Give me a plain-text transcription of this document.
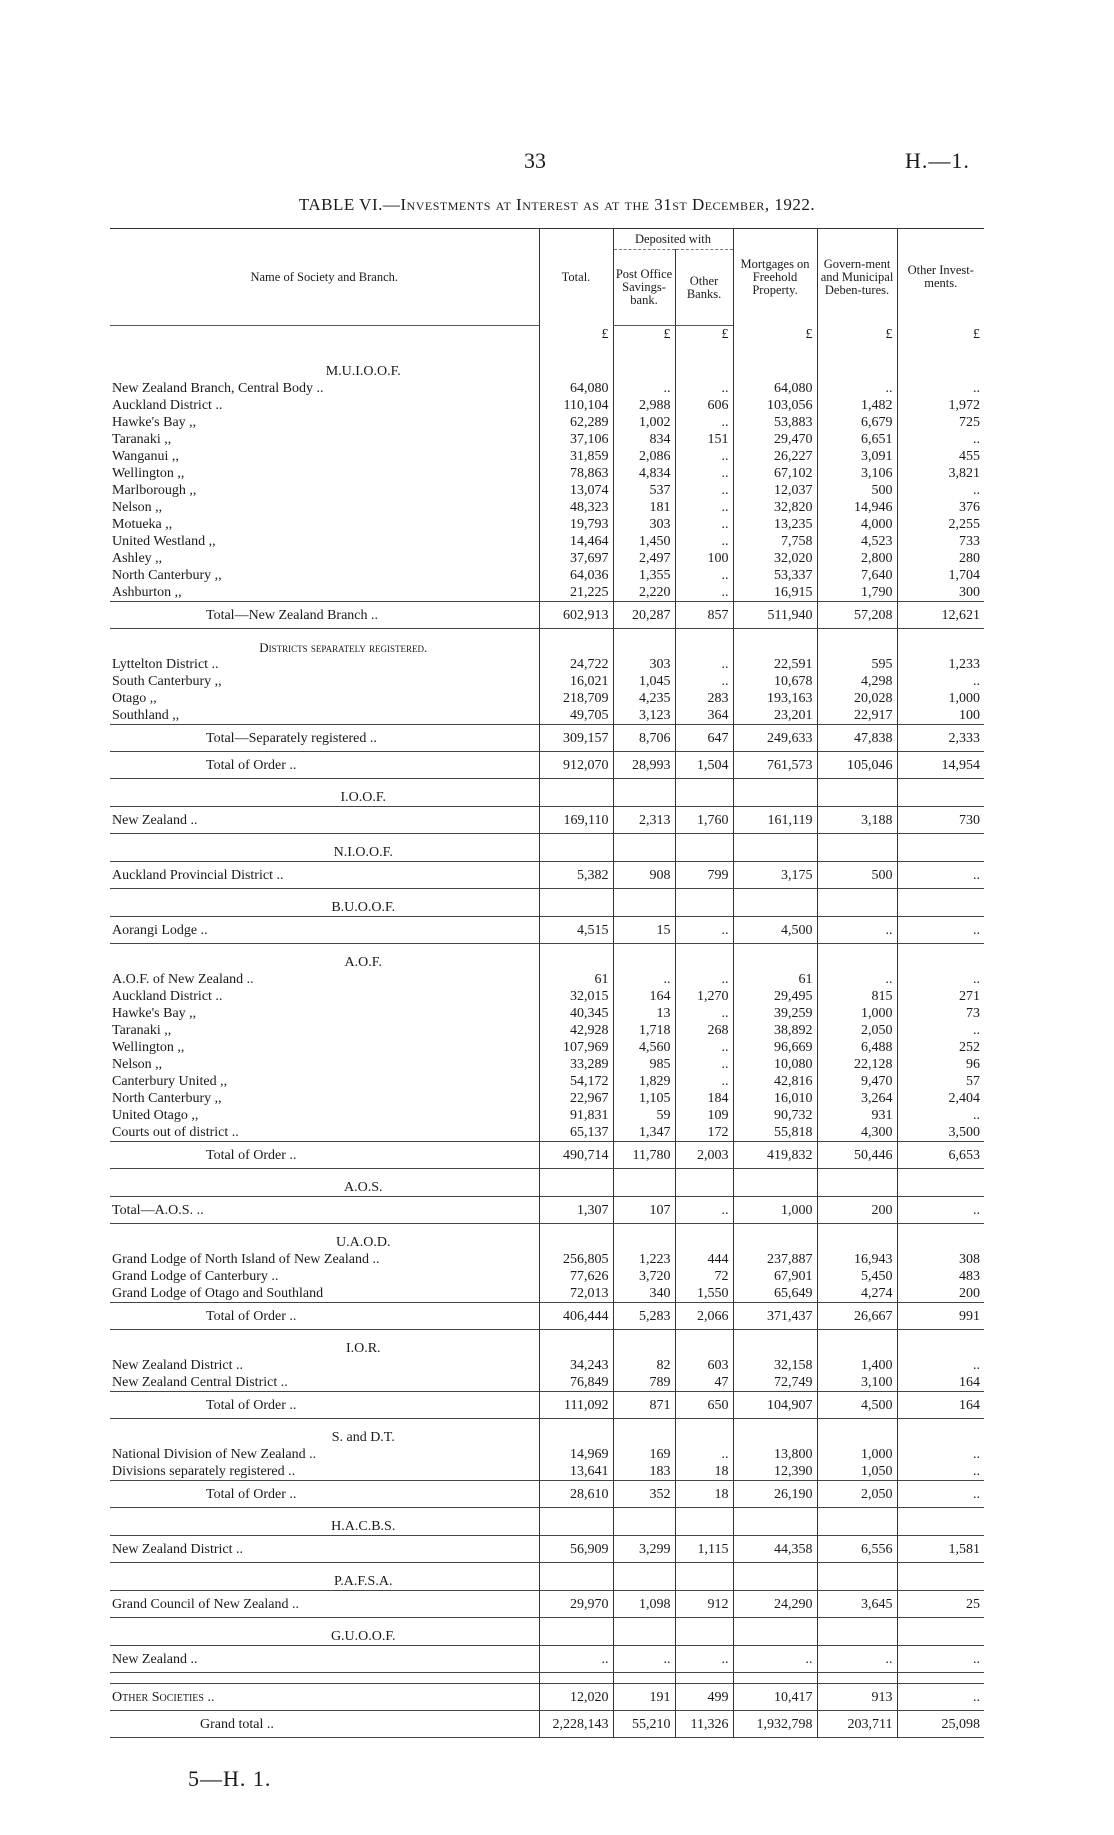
33	H.—1.
TABLE VI.—Investments at Interest as at the 31st December, 1922.
Name of Society and Branch.	Total.	Deposited with		Mortgages on Freehold Property.	Govern-ment and Municipal Deben-tures.	Other Invest-ments.
		Post Office Savings-bank.	Other Banks.			
	£	£	£	£	£	£

M.U.I.O.O.F.						
New Zealand Branch, Central Body ..	64,080	..	..	64,080	..	..
Auckland District ..	110,104	2,988	606	103,056	1,482	1,972
Hawke's Bay ,,	62,289	1,002	..	53,883	6,679	725
Taranaki ,,	37,106	834	151	29,470	6,651	..
Wanganui ,,	31,859	2,086	..	26,227	3,091	455
Wellington ,,	78,863	4,834	..	67,102	3,106	3,821
Marlborough ,,	13,074	537	..	12,037	500	..
Nelson ,,	48,323	181	..	32,820	14,946	376
Motueka ,,	19,793	303	..	13,235	4,000	2,255
United Westland ,,	14,464	1,450	..	7,758	4,523	733
Ashley ,,	37,697	2,497	100	32,020	2,800	280
North Canterbury ,,	64,036	1,355	..	53,337	7,640	1,704
Ashburton ,,	21,225	2,220	..	16,915	1,790	300
Total—New Zealand Branch ..	602,913	20,287	857	511,940	57,208	12,621

Districts separately registered.						
Lyttelton District ..	24,722	303	..	22,591	595	1,233
South Canterbury ,,	16,021	1,045	..	10,678	4,298	..
Otago ,,	218,709	4,235	283	193,163	20,028	1,000
Southland ,,	49,705	3,123	364	23,201	22,917	100
Total—Separately registered ..	309,157	8,706	647	249,633	47,838	2,333
Total of Order ..	912,070	28,993	1,504	761,573	105,046	14,954

I.O.O.F.						
New Zealand ..	169,110	2,313	1,760	161,119	3,188	730

N.I.O.O.F.						
Auckland Provincial District ..	5,382	908	799	3,175	500	..

B.U.O.O.F.						
Aorangi Lodge ..	4,515	15	..	4,500	..	..

A.O.F.						
A.O.F. of New Zealand ..	61	..	..	61	..	..
Auckland District ..	32,015	164	1,270	29,495	815	271
Hawke's Bay ,,	40,345	13	..	39,259	1,000	73
Taranaki ,,	42,928	1,718	268	38,892	2,050	..
Wellington ,,	107,969	4,560	..	96,669	6,488	252
Nelson ,,	33,289	985	..	10,080	22,128	96
Canterbury United ,,	54,172	1,829	..	42,816	9,470	57
North Canterbury ,,	22,967	1,105	184	16,010	3,264	2,404
United Otago ,,	91,831	59	109	90,732	931	..
Courts out of district ..	65,137	1,347	172	55,818	4,300	3,500
Total of Order ..	490,714	11,780	2,003	419,832	50,446	6,653

A.O.S.						
Total—A.O.S. ..	1,307	107	..	1,000	200	..

U.A.O.D.						
Grand Lodge of North Island of New Zealand ..	256,805	1,223	444	237,887	16,943	308
Grand Lodge of Canterbury ..	77,626	3,720	72	67,901	5,450	483
Grand Lodge of Otago and Southland	72,013	340	1,550	65,649	4,274	200
Total of Order ..	406,444	5,283	2,066	371,437	26,667	991

I.O.R.						
New Zealand District ..	34,243	82	603	32,158	1,400	..
New Zealand Central District ..	76,849	789	47	72,749	3,100	164
Total of Order ..	111,092	871	650	104,907	4,500	164

S. and D.T.						
National Division of New Zealand ..	14,969	169	..	13,800	1,000	..
Divisions separately registered ..	13,641	183	18	12,390	1,050	..
Total of Order ..	28,610	352	18	26,190	2,050	..

H.A.C.B.S.						
New Zealand District ..	56,909	3,299	1,115	44,358	6,556	1,581

P.A.F.S.A.						
Grand Council of New Zealand ..	29,970	1,098	912	24,290	3,645	25

G.U.O.O.F.						
New Zealand ..	..	..	..	..	..	..

Other Societies ..	12,020	191	499	10,417	913	..
Grand total ..	2,228,143	55,210	11,326	1,932,798	203,711	25,098
5—H. 1.
